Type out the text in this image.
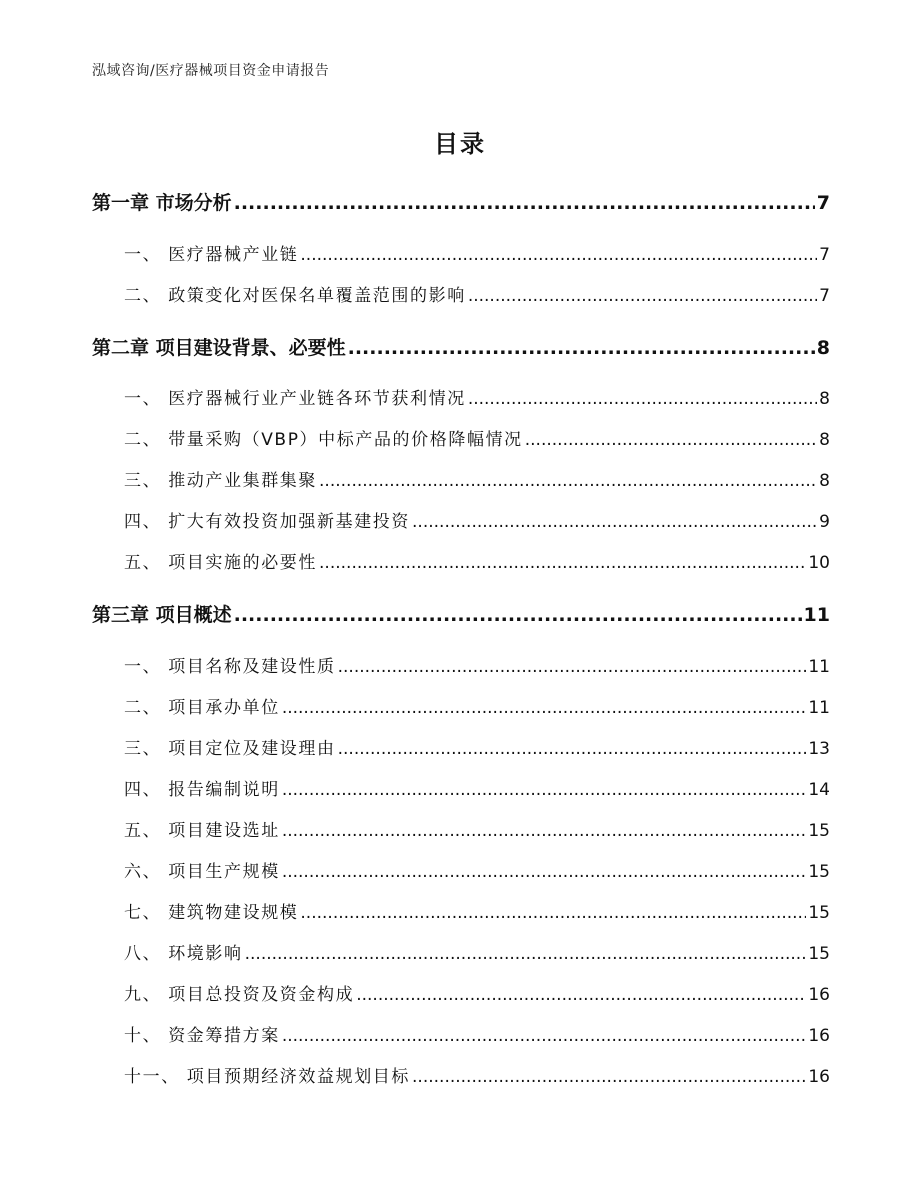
泓域咨询/医疗器械项目资金申请报告
目录
第一章 市场分析 .....	7
一、 医疗器械产业链 .....	7
二、 政策变化对医保名单覆盖范围的影响 .....	7
第二章 项目建设背景、必要性 .....	8
一、 医疗器械行业产业链各环节获利情况 .....	8
二、 带量采购（VBP）中标产品的价格降幅情况 .....	8
三、 推动产业集群集聚 .....	8
四、 扩大有效投资加强新基建投资 .....	9
五、 项目实施的必要性 .....	10
第三章 项目概述 .....	11
一、 项目名称及建设性质 .....	11
二、 项目承办单位 .....	11
三、 项目定位及建设理由 .....	13
四、 报告编制说明 .....	14
五、 项目建设选址 .....	15
六、 项目生产规模 .....	15
七、 建筑物建设规模 .....	15
八、 环境影响 .....	15
九、 项目总投资及资金构成 .....	16
十、 资金筹措方案 .....	16
十一、 项目预期经济效益规划目标 .....	16
